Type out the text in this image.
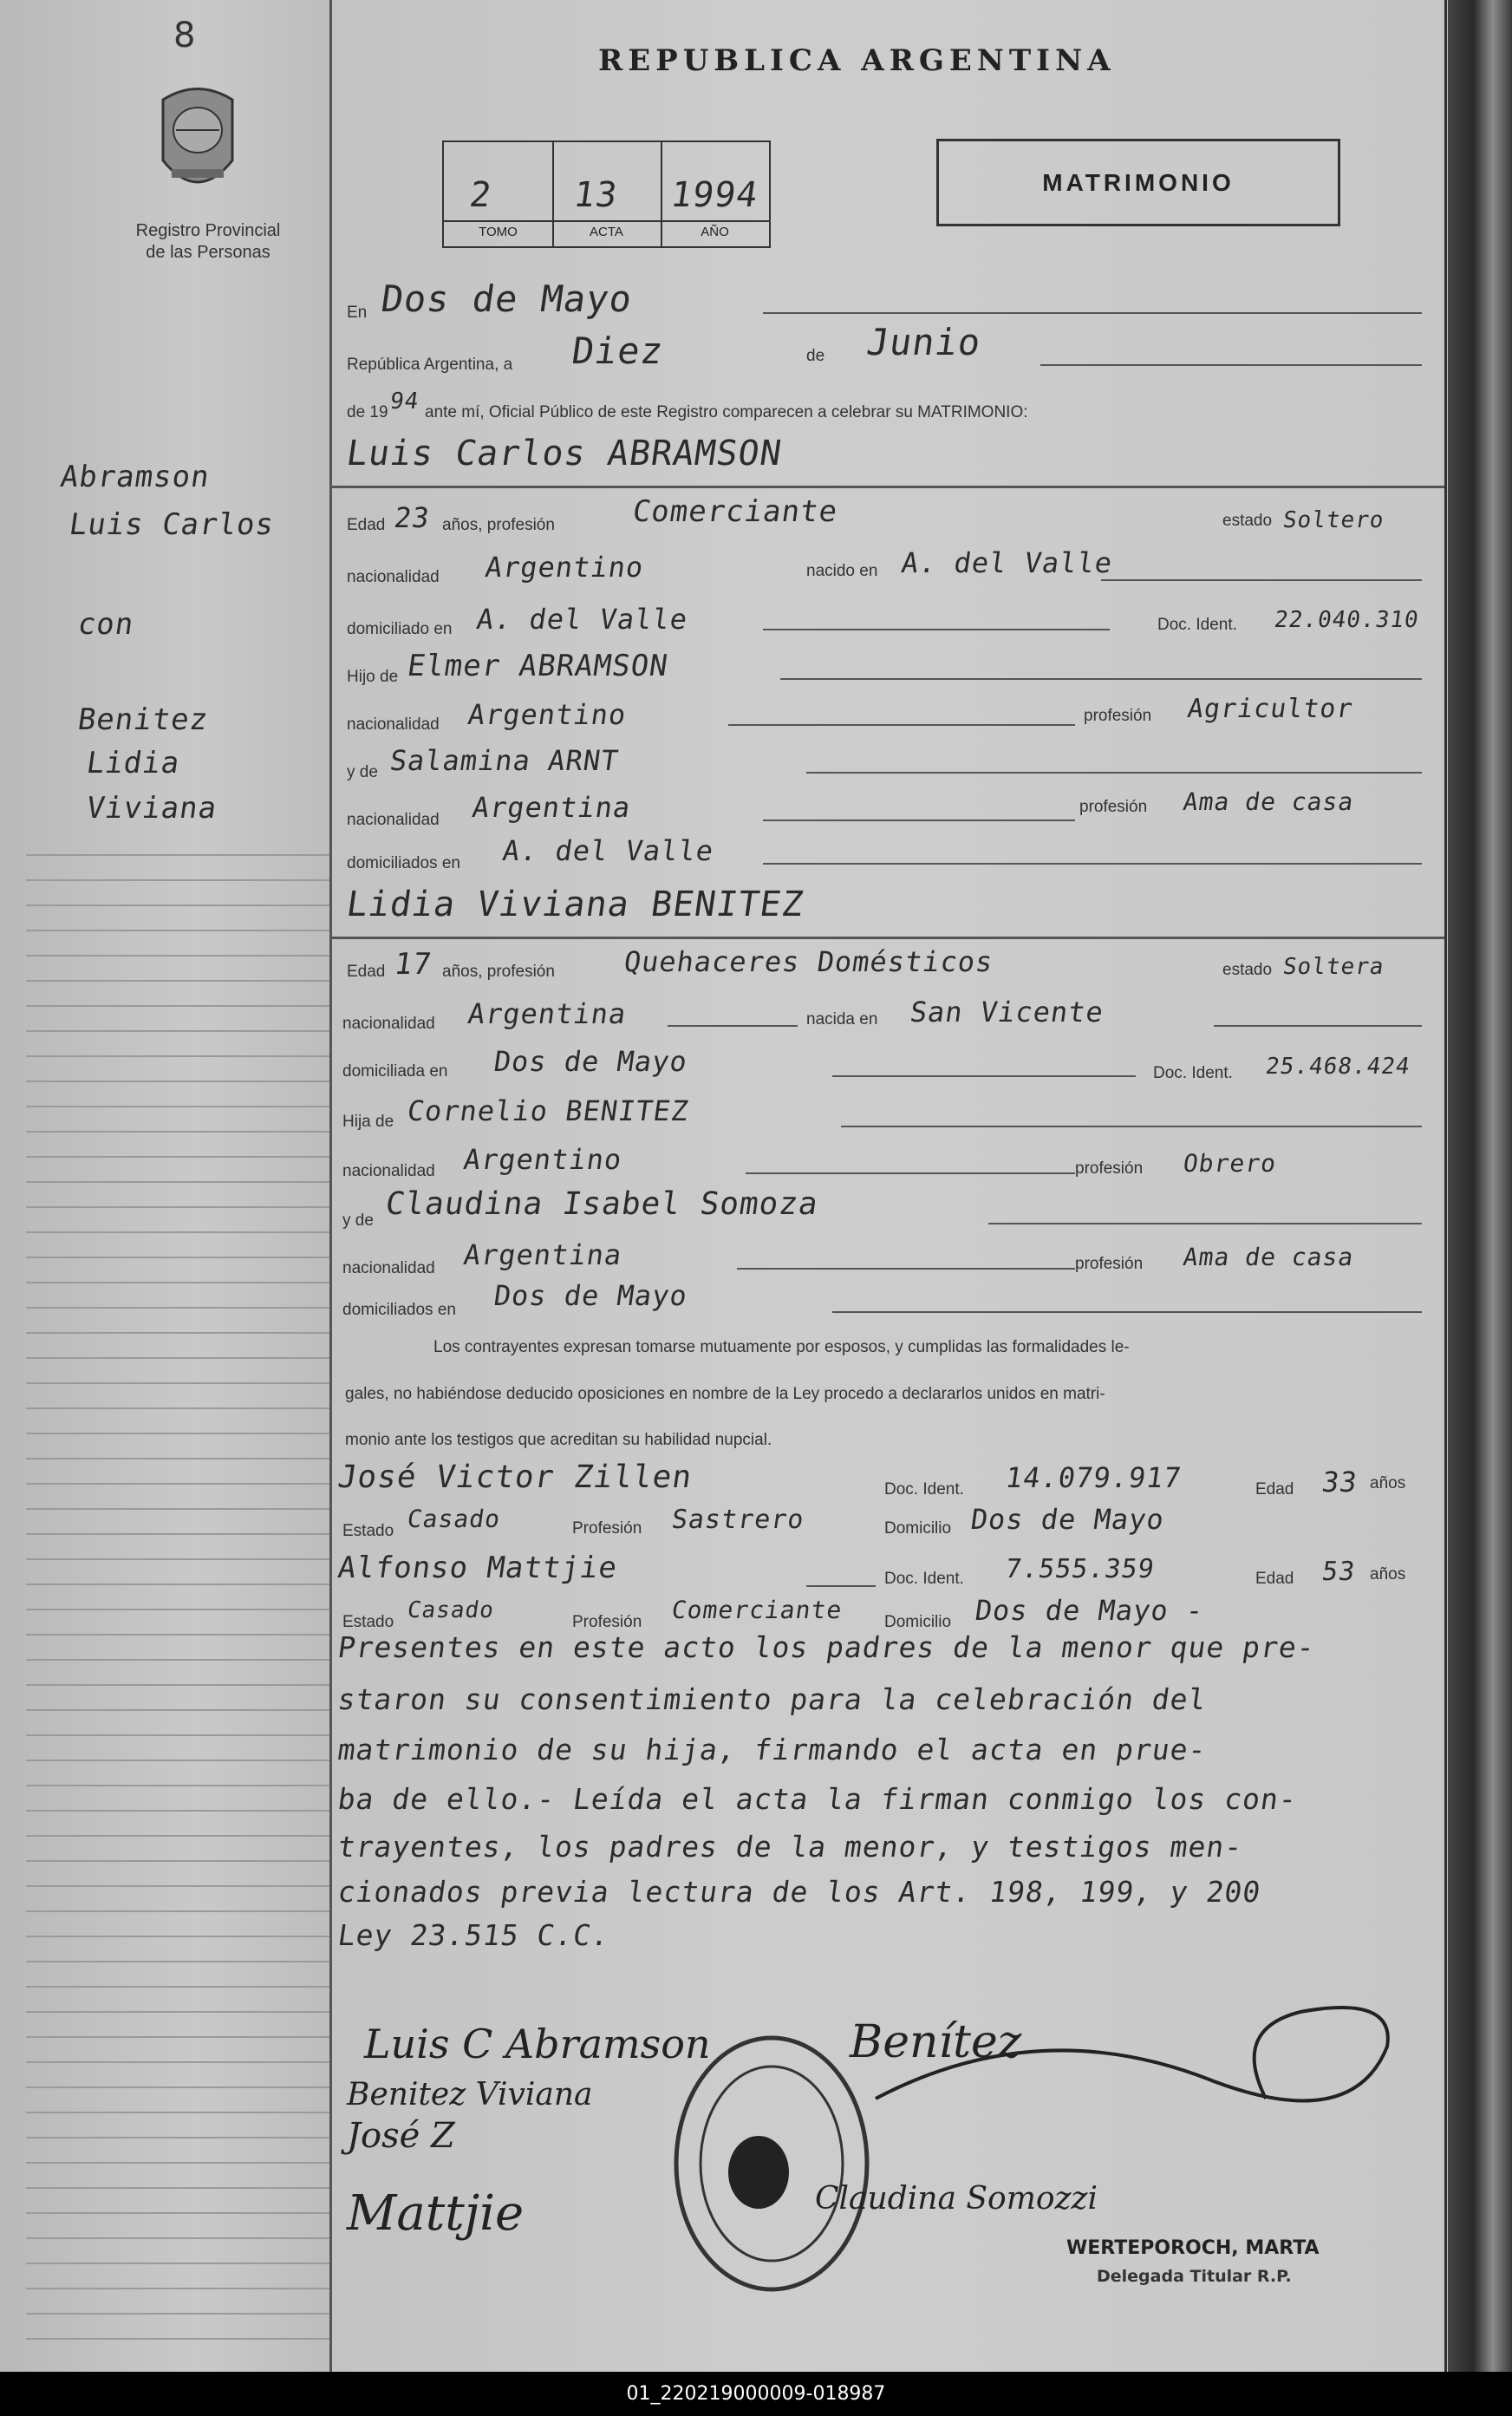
8
Registro Provincial
de las Personas
REPUBLICA ARGENTINA
2 13 1994
TOMO	ACTA	AÑO
MATRIMONIO
En Dos de Mayo
República Argentina, a Diez	de Junio
de 19 94 ante mí, Oficial Público de este Registro comparecen a celebrar su MATRIMONIO:
Abramson
Luis Carlos
con
Benitez
Lidia
Viviana
Luis Carlos ABRAMSON
Edad 23 años, profesión	Comerciante	estado Soltero
nacionalidad Argentino	nacido en A. del Valle
domiciliado en A. del Valle	Doc. Ident. 22.040.310
Hijo de Elmer ABRAMSON
nacionalidad Argentino	profesión Agricultor
y de Salamina ARNT
nacionalidad Argentina	profesión Ama de casa
domiciliados en A. del Valle
Lidia Viviana BENITEZ
Edad 17 años, profesión Quehaceres Domésticos	estado Soltera
nacionalidad Argentina	nacida en San Vicente
domiciliada en Dos de Mayo	Doc. Ident. 25.468.424
Hija de Cornelio BENITEZ
nacionalidad Argentino	profesión Obrero
y de Claudina Isabel Somoza
nacionalidad Argentina	profesión Ama de casa
domiciliados en Dos de Mayo
Los contrayentes expresan tomarse mutuamente por esposos, y cumplidas las formalidades le-
gales, no habiéndose deducido oposiciones en nombre de la Ley procedo a declararlos unidos en matri-
monio ante los testigos que acreditan su habilidad nupcial.
José Victor Zillen	Doc. Ident. 14.079.917	Edad 33 años
Estado Casado	Profesión Sastrero	Domicilio Dos de Mayo
Alfonso Mattjie	Doc. Ident. 7.555.359	Edad 53 años
Estado Casado	Profesión Comerciante Domicilio Dos de Mayo -
Presentes en este acto los padres de la menor que pre-
staron su consentimiento para la celebración del
matrimonio de su hija, firmando el acta en prue-
ba de ello.- Leída el acta la firman conmigo los con-
trayentes, los padres de la menor, y testigos men-
cionados previa lectura de los Art. 198, 199, y 200
Ley 23.515 C.C.
Luis C Abramson
Benitez Viviana
José Z
Mattjie
Benítez
Claudina Somozzi
WERTEPOROCH, MARTA
Delegada Titular R.P.
01_220219000009-018987
